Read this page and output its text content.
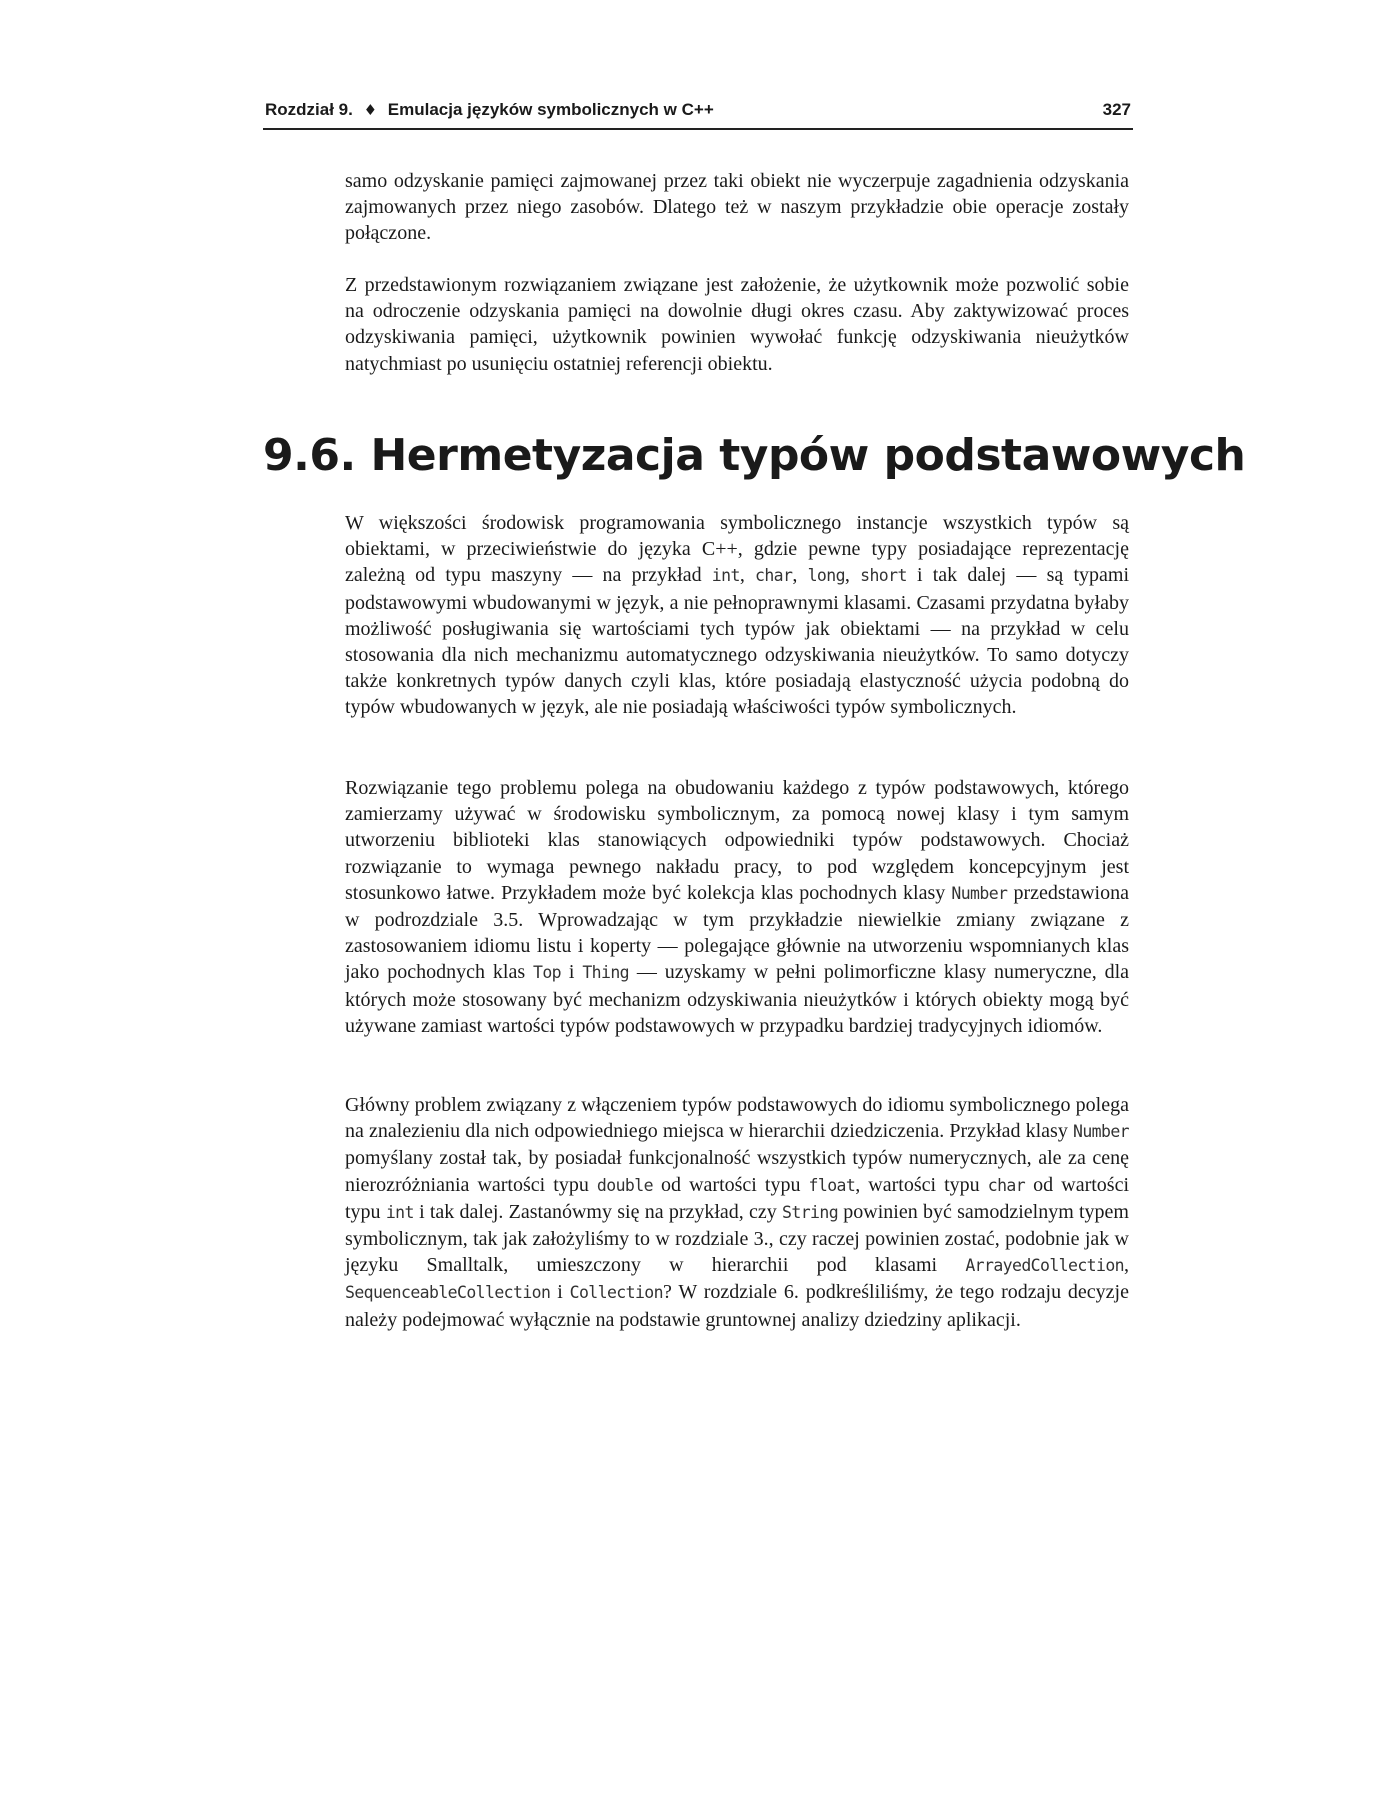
Rozdział 9. ♦ Emulacja języków symbolicznych w C++	327

samo odzyskanie pamięci zajmowanej przez taki obiekt nie wyczerpuje zagadnienia odzyskania zajmowanych przez niego zasobów. Dlatego też w naszym przykładzie obie operacje zostały połączone.

Z przedstawionym rozwiązaniem związane jest założenie, że użytkownik może pozwolić sobie na odroczenie odzyskania pamięci na dowolnie długi okres czasu. Aby zaktywizować proces odzyskiwania pamięci, użytkownik powinien wywołać funkcję odzyskiwania nieużytków natychmiast po usunięciu ostatniej referencji obiektu.

9.6. Hermetyzacja typów podstawowych

W większości środowisk programowania symbolicznego instancje wszystkich typów są obiektami, w przeciwieństwie do języka C++, gdzie pewne typy posiadające reprezentację zależną od typu maszyny — na przykład int, char, long, short i tak dalej — są typami podstawowymi wbudowanymi w język, a nie pełnoprawnymi klasami. Czasami przydatna byłaby możliwość posługiwania się wartościami tych typów jak obiektami — na przykład w celu stosowania dla nich mechanizmu automatycznego odzyskiwania nieużytków. To samo dotyczy także konkretnych typów danych czyli klas, które posiadają elastyczność użycia podobną do typów wbudowanych w język, ale nie posiadają właściwości typów symbolicznych.

Rozwiązanie tego problemu polega na obudowaniu każdego z typów podstawowych, którego zamierzamy używać w środowisku symbolicznym, za pomocą nowej klasy i tym samym utworzeniu biblioteki klas stanowiących odpowiedniki typów podstawowych. Chociaż rozwiązanie to wymaga pewnego nakładu pracy, to pod względem koncepcyjnym jest stosunkowo łatwe. Przykładem może być kolekcja klas pochodnych klasy Number przedstawiona w podrozdziale 3.5. Wprowadzając w tym przykładzie niewielkie zmiany związane z zastosowaniem idiomu listu i koperty — polegające głównie na utworzeniu wspomnianych klas jako pochodnych klas Top i Thing — uzyskamy w pełni polimorficzne klasy numeryczne, dla których może stosowany być mechanizm odzyskiwania nieużytków i których obiekty mogą być używane zamiast wartości typów podstawowych w przypadku bardziej tradycyjnych idiomów.

Główny problem związany z włączeniem typów podstawowych do idiomu symbolicznego polega na znalezieniu dla nich odpowiedniego miejsca w hierarchii dziedziczenia. Przykład klasy Number pomyślany został tak, by posiadał funkcjonalność wszystkich typów numerycznych, ale za cenę nierozróżniania wartości typu double od wartości typu float, wartości typu char od wartości typu int i tak dalej. Zastanówmy się na przykład, czy String powinien być samodzielnym typem symbolicznym, tak jak założyliśmy to w rozdziale 3., czy raczej powinien zostać, podobnie jak w języku Smalltalk, umieszczony w hierarchii pod klasami ArrayedCollection, SequenceableCollection i Collection? W rozdziale 6. podkreśliliśmy, że tego rodzaju decyzje należy podejmować wyłącznie na podstawie gruntownej analizy dziedziny aplikacji.
